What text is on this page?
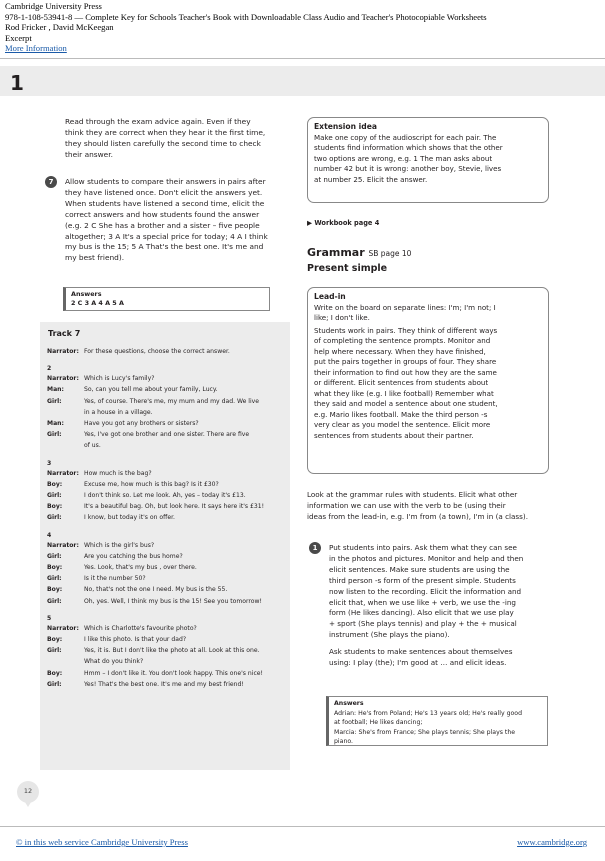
Cambridge University Press
978-1-108-53941-8 — Complete Key for Schools Teacher's Book with Downloadable Class Audio and Teacher's Photocopiable Worksheets
Rod Fricker , David McKeegan
Excerpt
More Information
1
Read through the exam advice again. Even if they
think they are correct when they hear it the first time,
they should listen carefully the second time to check
their answer.
7	Allow students to compare their answers in pairs after
they have listened once. Don't elicit the answers yet.
When students have listened a second time, elicit the
correct answers and how students found the answer
(e.g. 2 C She has a brother and a sister – five people
altogether; 3 A It's a special price for today; 4 A I think
my bus is the 15; 5 A That's the best one. It's me and
my best friend).
Answers
2 C 3 A 4 A 5 A
Track 7
Narrator: For these questions, choose the correct answer.
2
Narrator: Which is Lucy's family?
Man:	So, can you tell me about your family, Lucy.
Girl:	Yes, of course. There's me, my mum and my dad. We live
in a house in a village.
Man:	Have you got any brothers or sisters?
Girl:	Yes, I've got one brother and one sister. There are five
of us.
3
Narrator: How much is the bag?
Boy:	Excuse me, how much is this bag? Is it £30?
Girl:	I don't think so. Let me look. Ah, yes – today it's £13.
Boy:	It's a beautiful bag. Oh, but look here. It says here it's £31!
Girl:	I know, but today it's on offer.
4
Narrator: Which is the girl's bus?
Girl:	Are you catching the bus home?
Boy:	Yes. Look, that's my bus , over there.
Girl:	Is it the number 50?
Boy:	No, that's not the one I need. My bus is the 55.
Girl:	Oh, yes. Well, I think my bus is the 15! See you tomorrow!
5
Narrator: Which is Charlotte's favourite photo?
Boy:	I like this photo. Is that your dad?
Girl:	Yes, it is. But I don't like the photo at all. Look at this one.
What do you think?
Boy:	Hmm – I don't like it. You don't look happy. This one's nice!
Girl:	Yes! That's the best one. It's me and my best friend!
Extension idea
Make one copy of the audioscript for each pair. The
students find information which shows that the other
two options are wrong, e.g. 1 The man asks about
number 42 but it is wrong: another boy, Stevie, lives
at number 25. Elicit the answer.
▶ Workbook page 4
Grammar SB page 10
Present simple
Lead-in
Write on the board on separate lines: I'm; I'm not; I
like; I don't like.
Students work in pairs. They think of different ways
of completing the sentence prompts. Monitor and
help where necessary. When they have finished,
put the pairs together in groups of four. They share
their information to find out how they are the same
or different. Elicit sentences from students about
what they like (e.g. I like football) Remember what
they said and model a sentence about one student,
e.g. Mario likes football. Make the third person -s
very clear as you model the sentence. Elicit more
sentences from students about their partner.
Look at the grammar rules with students. Elicit what other
information we can use with the verb to be (using their
ideas from the lead-in, e.g. I'm from (a town), I'm in (a class).
1	Put students into pairs. Ask them what they can see
in the photos and pictures. Monitor and help and then
elicit sentences. Make sure students are using the
third person -s form of the present simple. Students
now listen to the recording. Elicit the information and
elicit that, when we use like + verb, we use the -ing
form (He likes dancing). Also elicit that we use play
+ sport (She plays tennis) and play + the + musical
instrument (She plays the piano).
Ask students to make sentences about themselves
using: I play (the); I'm good at … and elicit ideas.
Answers
Adrian: He's from Poland; He's 13 years old; He's really good
at football; He likes dancing;
Marcia: She's from France; She plays tennis; She plays the
piano.
12
© in this web service Cambridge University Press	www.cambridge.org
